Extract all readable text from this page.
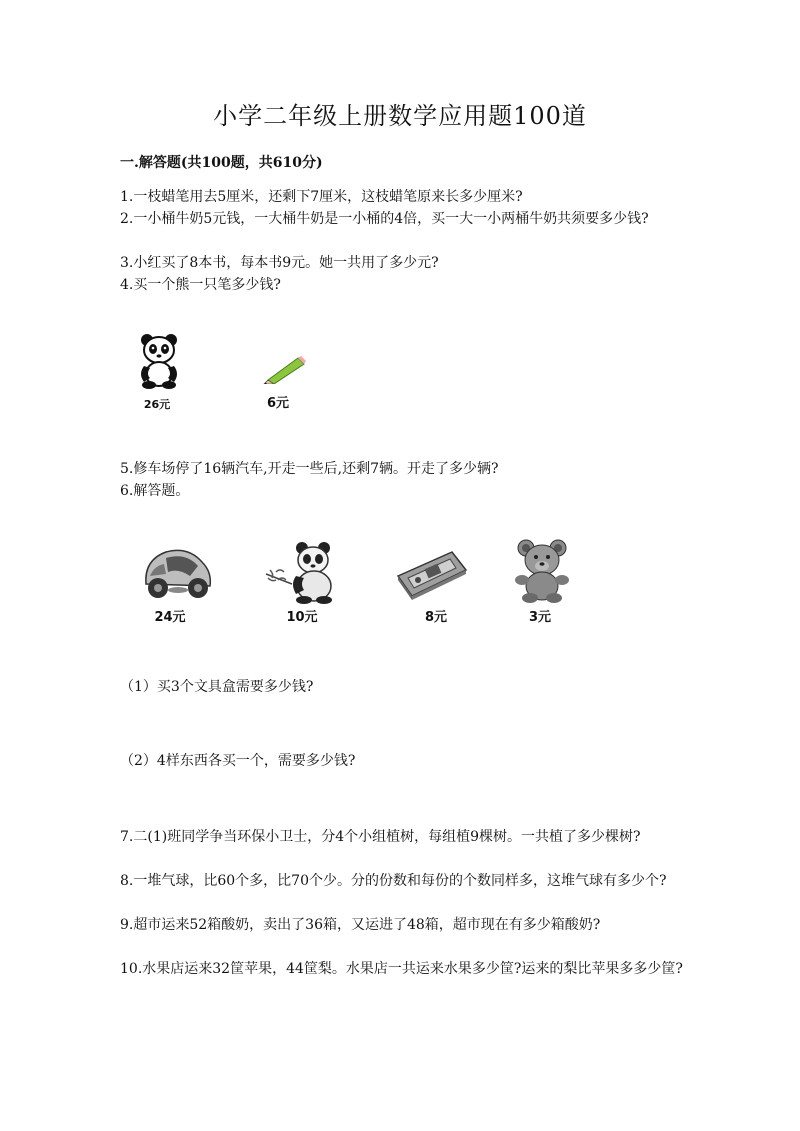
小学二年级上册数学应用题100道
一.解答题(共100题，共610分)
1.一枝蜡笔用去5厘米，还剩下7厘米，这枝蜡笔原来长多少厘米?
2.一小桶牛奶5元钱，一大桶牛奶是一小桶的4倍，买一大一小两桶牛奶共须要多少钱?
3.小红买了8本书，每本书9元。她一共用了多少元?
4.买一个熊一只笔多少钱?
26元	6元
5.修车场停了16辆汽车,开走一些后,还剩7辆。开走了多少辆?
6.解答题。
24元	10元	8元	3元
（1）买3个文具盒需要多少钱?
（2）4样东西各买一个，需要多少钱?
7.二(1)班同学争当环保小卫士，分4个小组植树，每组植9棵树。一共植了多少棵树?
8.一堆气球，比60个多，比70个少。分的份数和每份的个数同样多，这堆气球有多少个?
9.超市运来52箱酸奶，卖出了36箱，又运进了48箱，超市现在有多少箱酸奶?
10.水果店运来32筐苹果，44筐梨。水果店一共运来水果多少筐?运来的梨比苹果多多少筐?
